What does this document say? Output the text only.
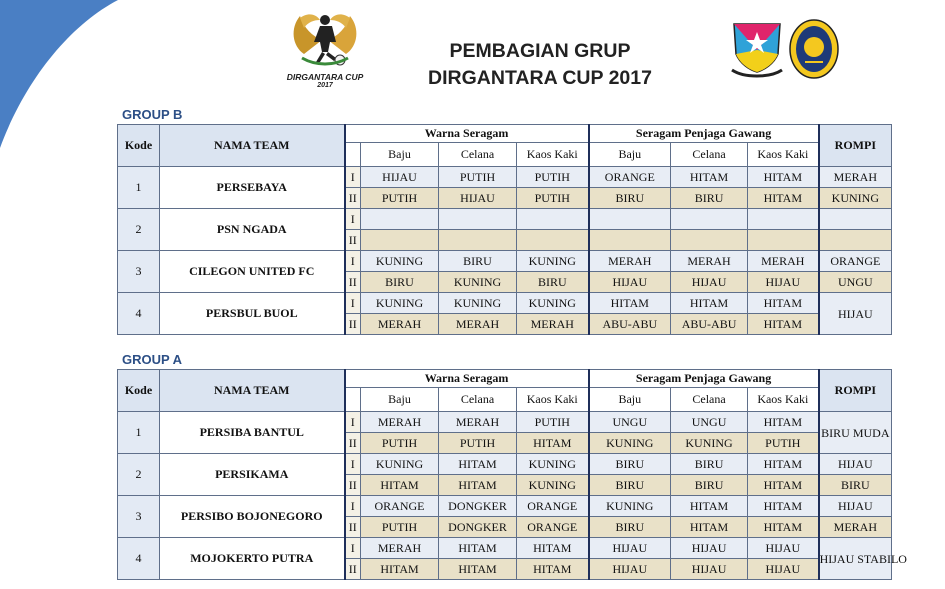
DIRGANTARA CUP
2017
PEMBAGIAN GRUP
DIRGANTARA CUP 2017
GROUP B
Kode	NAMA TEAM	Warna Seragam				Seragam Penjaga Gawang			ROMPI
			Baju	Celana	Kaos Kaki	Baju	Celana	Kaos Kaki	
1	PERSEBAYA	I	HIJAU	PUTIH	PUTIH	ORANGE	HITAM	HITAM	MERAH
		II	PUTIH	HIJAU	PUTIH	BIRU	BIRU	HITAM	KUNING
2	PSN NGADA	I							
		II							
3	CILEGON UNITED FC	I	KUNING	BIRU	KUNING	MERAH	MERAH	MERAH	ORANGE
		II	BIRU	KUNING	BIRU	HIJAU	HIJAU	HIJAU	UNGU
4	PERSBUL BUOL	I	KUNING	KUNING	KUNING	HITAM	HITAM	HITAM	HIJAU
		II	MERAH	MERAH	MERAH	ABU-ABU	ABU-ABU	HITAM	
GROUP A
Kode	NAMA TEAM	Warna Seragam				Seragam Penjaga Gawang			ROMPI
			Baju	Celana	Kaos Kaki	Baju	Celana	Kaos Kaki	
1	PERSIBA BANTUL	I	MERAH	MERAH	PUTIH	UNGU	UNGU	HITAM	BIRU MUDA
		II	PUTIH	PUTIH	HITAM	KUNING	KUNING	PUTIH	
2	PERSIKAMA	I	KUNING	HITAM	KUNING	BIRU	BIRU	HITAM	HIJAU
		II	HITAM	HITAM	KUNING	BIRU	BIRU	HITAM	BIRU
3	PERSIBO BOJONEGORO	I	ORANGE	DONGKER	ORANGE	KUNING	HITAM	HITAM	HIJAU
		II	PUTIH	DONGKER	ORANGE	BIRU	HITAM	HITAM	MERAH
4	MOJOKERTO PUTRA	I	MERAH	HITAM	HITAM	HIJAU	HIJAU	HIJAU	HIJAU STABILO
		II	HITAM	HITAM	HITAM	HIJAU	HIJAU	HIJAU	
